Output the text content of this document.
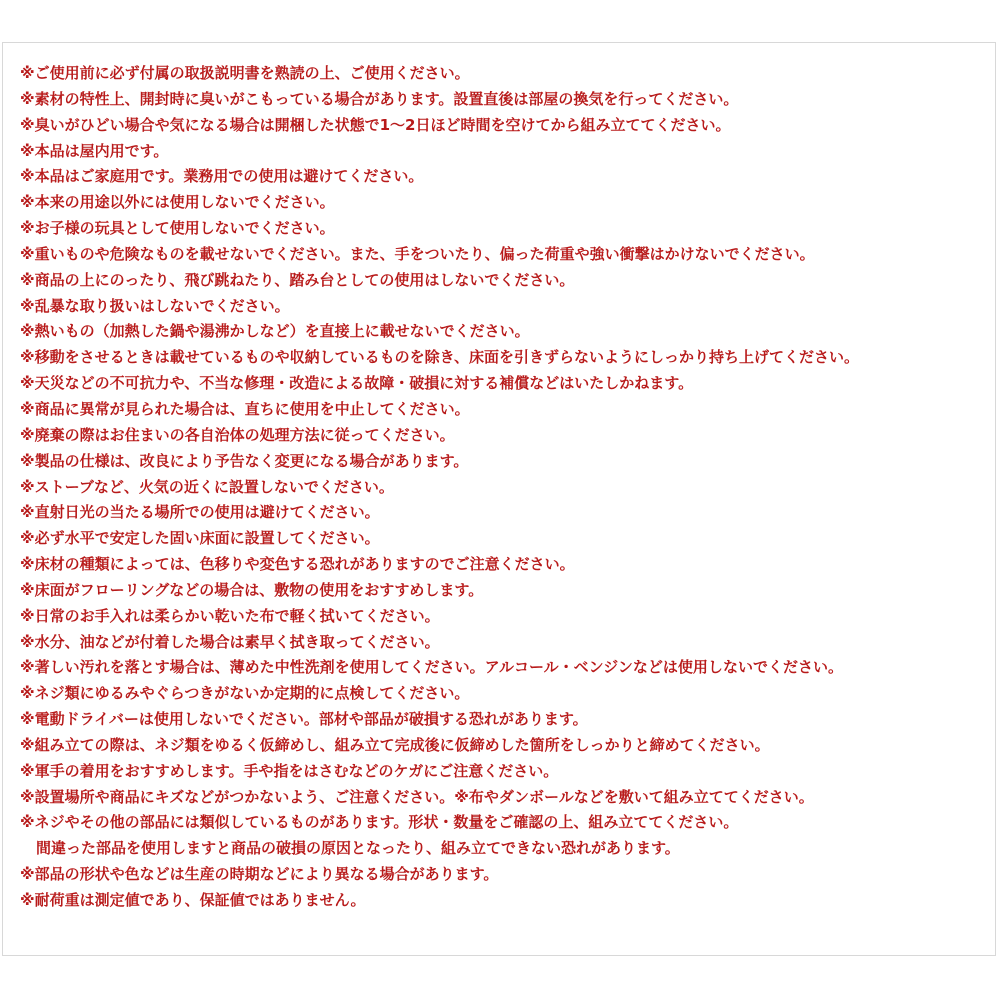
※ご使用前に必ず付属の取扱説明書を熟読の上、ご使用ください。
※素材の特性上、開封時に臭いがこもっている場合があります。設置直後は部屋の換気を行ってください。
※臭いがひどい場合や気になる場合は開梱した状態で1〜2日ほど時間を空けてから組み立ててください。
※本品は屋内用です。
※本品はご家庭用です。業務用での使用は避けてください。
※本来の用途以外には使用しないでください。
※お子様の玩具として使用しないでください。
※重いものや危険なものを載せないでください。また、手をついたり、偏った荷重や強い衝撃はかけないでください。
※商品の上にのったり、飛び跳ねたり、踏み台としての使用はしないでください。
※乱暴な取り扱いはしないでください。
※熱いもの（加熱した鍋や湯沸かしなど）を直接上に載せないでください。
※移動をさせるときは載せているものや収納しているものを除き、床面を引きずらないようにしっかり持ち上げてください。
※天災などの不可抗力や、不当な修理・改造による故障・破損に対する補償などはいたしかねます。
※商品に異常が見られた場合は、直ちに使用を中止してください。
※廃棄の際はお住まいの各自治体の処理方法に従ってください。
※製品の仕様は、改良により予告なく変更になる場合があります。
※ストーブなど、火気の近くに設置しないでください。
※直射日光の当たる場所での使用は避けてください。
※必ず水平で安定した固い床面に設置してください。
※床材の種類によっては、色移りや変色する恐れがありますのでご注意ください。
※床面がフローリングなどの場合は、敷物の使用をおすすめします。
※日常のお手入れは柔らかい乾いた布で軽く拭いてください。
※水分、油などが付着した場合は素早く拭き取ってください。
※著しい汚れを落とす場合は、薄めた中性洗剤を使用してください。アルコール・ベンジンなどは使用しないでください。
※ネジ類にゆるみやぐらつきがないか定期的に点検してください。
※電動ドライバーは使用しないでください。部材や部品が破損する恐れがあります。
※組み立ての際は、ネジ類をゆるく仮締めし、組み立て完成後に仮締めした箇所をしっかりと締めてください。
※軍手の着用をおすすめします。手や指をはさむなどのケガにご注意ください。
※設置場所や商品にキズなどがつかないよう、ご注意ください。※布やダンボールなどを敷いて組み立ててください。
※ネジやその他の部品には類似しているものがあります。形状・数量をご確認の上、組み立ててください。
間違った部品を使用しますと商品の破損の原因となったり、組み立てできない恐れがあります。
※部品の形状や色などは生産の時期などにより異なる場合があります。
※耐荷重は測定値であり、保証値ではありません。
